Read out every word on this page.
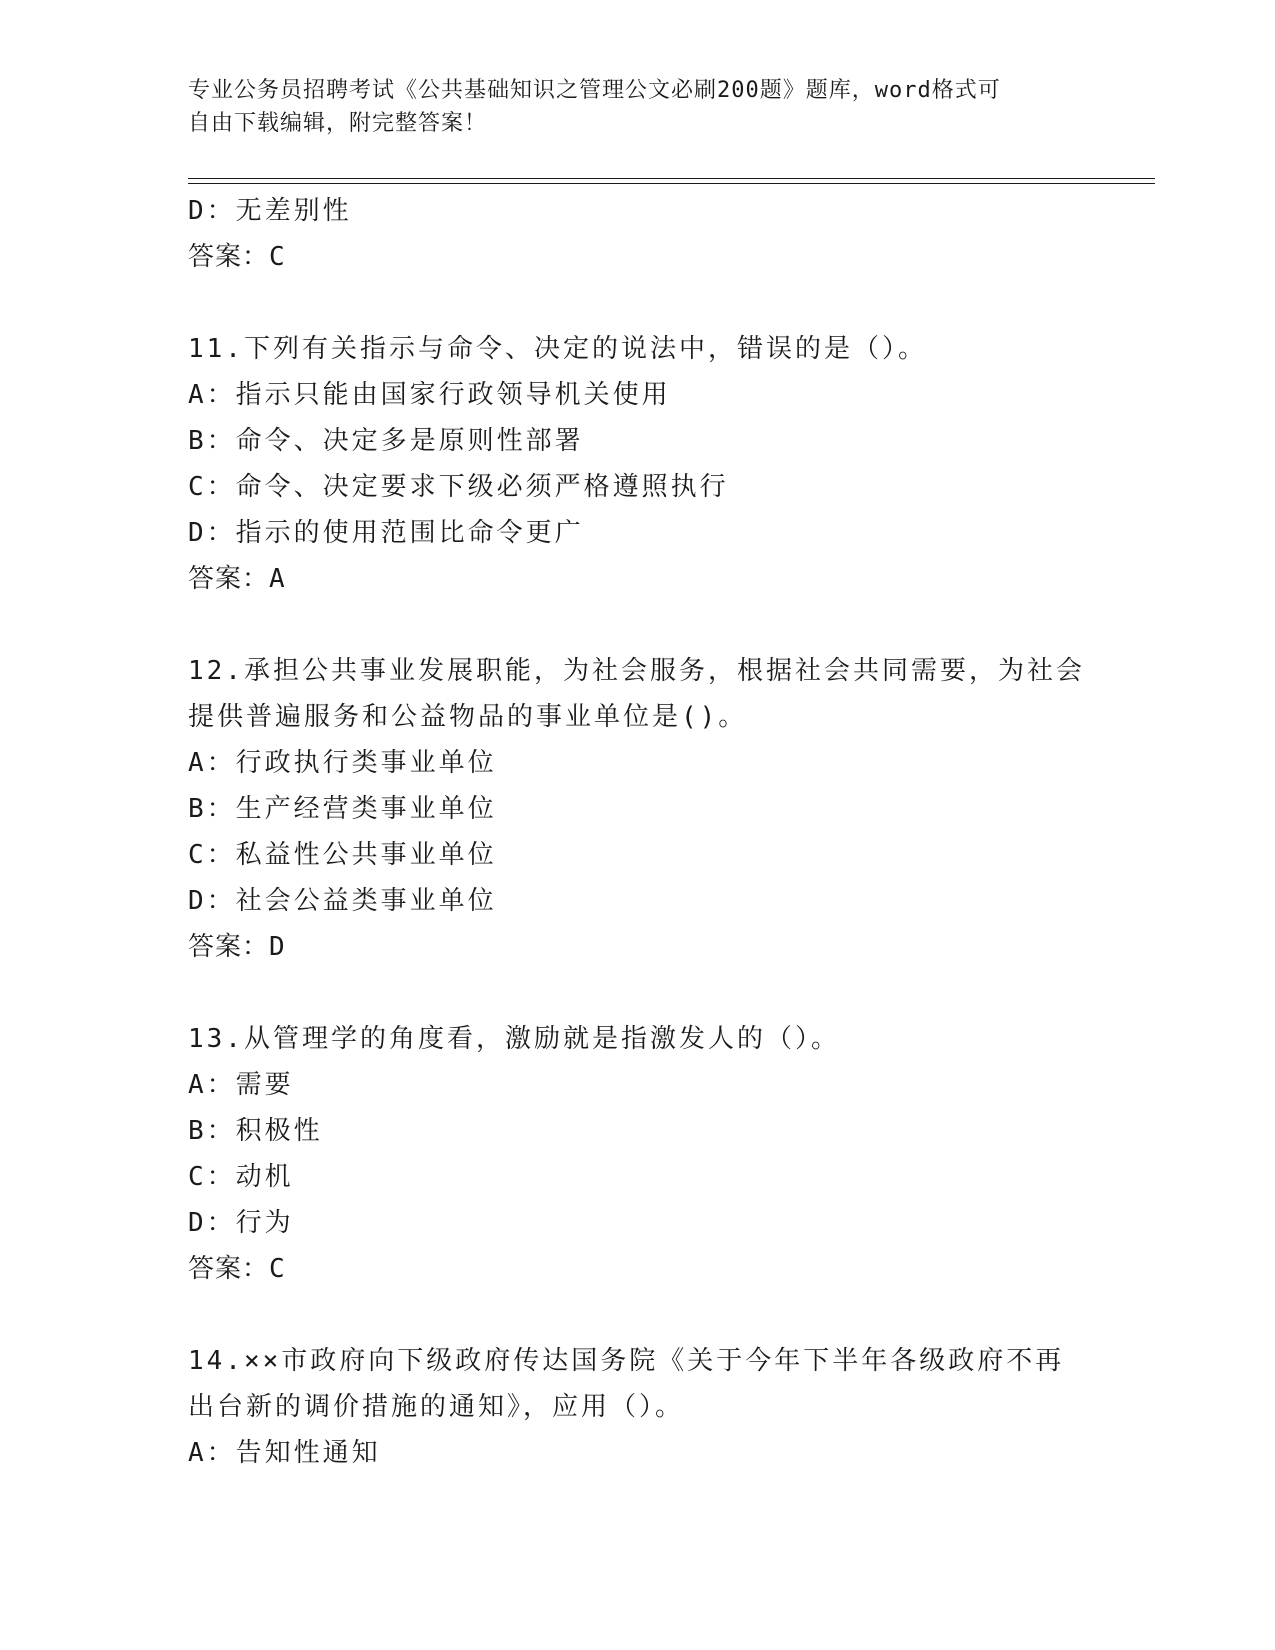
专业公务员招聘考试《公共基础知识之管理公文必刷200题》题库，word格式可
自由下载编辑，附完整答案！
D：无差别性
答案：C
11.下列有关指示与命令、决定的说法中，错误的是（）。
A：指示只能由国家行政领导机关使用
B：命令、决定多是原则性部署
C：命令、决定要求下级必须严格遵照执行
D：指示的使用范围比命令更广
答案：A
12.承担公共事业发展职能，为社会服务，根据社会共同需要，为社会
提供普遍服务和公益物品的事业单位是()。
A：行政执行类事业单位
B：生产经营类事业单位
C：私益性公共事业单位
D：社会公益类事业单位
答案：D
13.从管理学的角度看，激励就是指激发人的（）。
A：需要
B：积极性
C：动机
D：行为
答案：C
14.××市政府向下级政府传达国务院《关于今年下半年各级政府不再
出台新的调价措施的通知》，应用（）。
A：告知性通知
